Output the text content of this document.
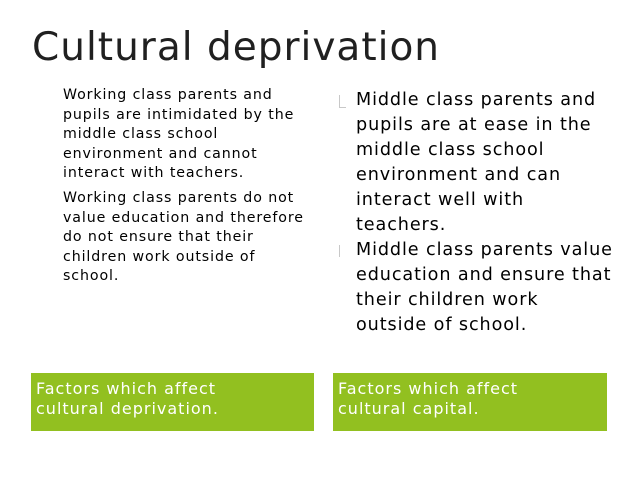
Cultural deprivation

Working class parents and pupils are intimidated by the middle class school environment and cannot interact with teachers.

Working class parents do not value education and therefore do not ensure that their children work outside of school.

Middle class parents and pupils are at ease in the middle class school environment and can interact well with teachers.
Middle class parents value education and ensure that their children work outside of school.
Factors which affect
cultural deprivation.
Factors which affect
cultural capital.
